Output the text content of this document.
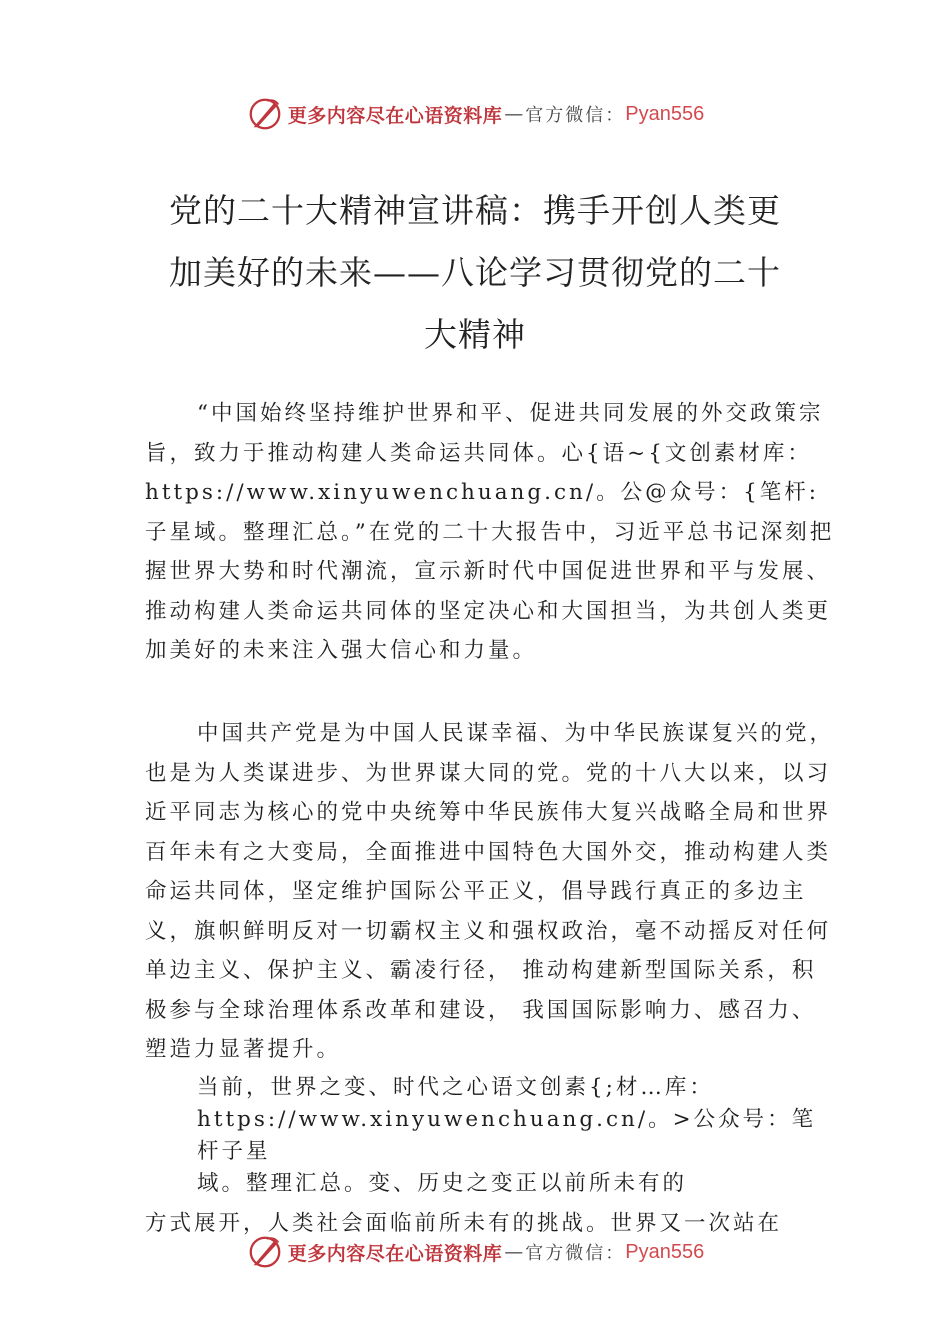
更多内容尽在心语资料库 — 官方微信： Pyan556
党的二十大精神宣讲稿：携手开创人类更
加美好的未来——八论学习贯彻党的二十
大精神

“中国始终坚持维护世界和平、促进共同发展的外交政策宗旨，致力于推动构建人类命运共同体。心{语~{文创素材库：https://www.xinyuwenchuang.cn/。公@众号：{笔杆:子星域。整理汇总。”在党的二十大报告中，习近平总书记深刻把握世界大势和时代潮流，宣示新时代中国促进世界和平与发展、推动构建人类命运共同体的坚定决心和大国担当，为共创人类更加美好的未来注入强大信心和力量。

中国共产党是为中国人民谋幸福、为中华民族谋复兴的党，也是为人类谋进步、为世界谋大同的党。党的十八大以来，以习近平同志为核心的党中央统筹中华民族伟大复兴战略全局和世界百年未有之大变局，全面推进中国特色大国外交，推动构建人类命运共同体，坚定维护国际公平正义，倡导践行真正的多边主义，旗帜鲜明反对一切霸权主义和强权政治，毫不动摇反对任何单边主义、保护主义、霸凌行径， 推动构建新型国际关系，积极参与全球治理体系改革和建设， 我国国际影响力、感召力、塑造力显著提升。

当前，世界之变、时代之心语文创素{;材…库：
https://www.xinyuwenchuang.cn/。>公众号：笔杆子星
域。整理汇总。变、历史之变正以前所未有的
方式展开，人类社会面临前所未有的挑战。世界又一次站在
更多内容尽在心语资料库 — 官方微信： Pyan556
